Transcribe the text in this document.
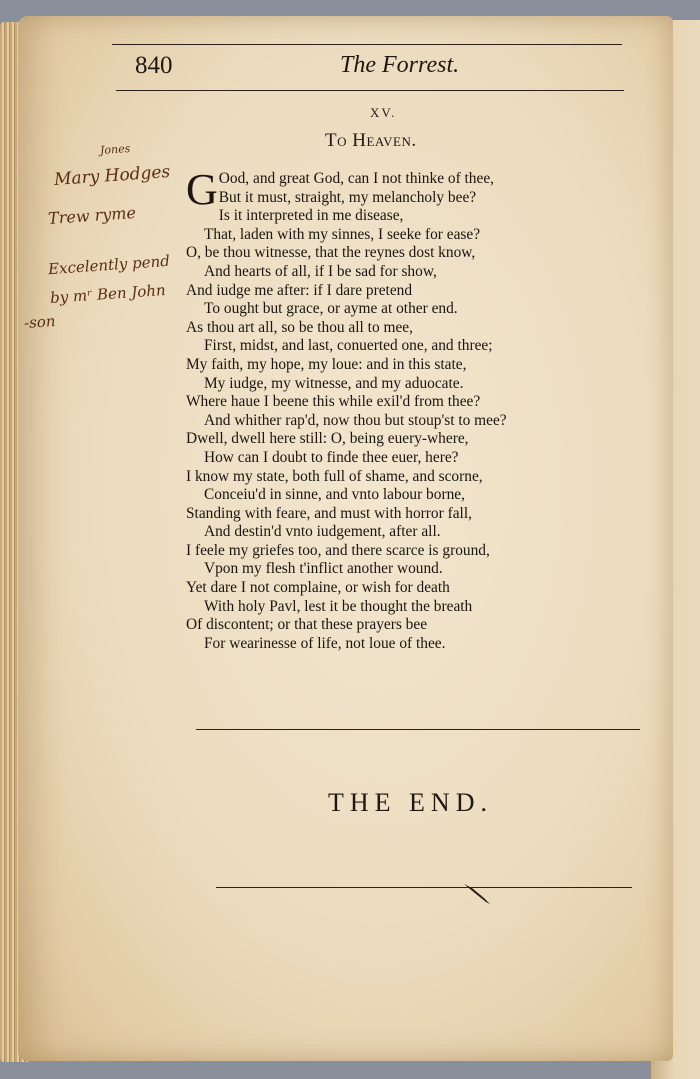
840	The Forrest.
XV.
To Heaven.
G Ood, and great God, can I not thinke of thee,
But it must, straight, my melancholy bee?
Is it interpreted in me disease,
That, laden with my sinnes, I seeke for ease?
O, be thou witnesse, that the reynes dost know,
And hearts of all, if I be sad for show,
And iudge me after: if I dare pretend
To ought but grace, or ayme at other end.
As thou art all, so be thou all to mee,
First, midst, and last, conuerted one, and three;
My faith, my hope, my loue: and in this state,
My iudge, my witnesse, and my aduocate.
Where haue I beene this while exil'd from thee?
And whither rap'd, now thou but stoup'st to mee?
Dwell, dwell here still: O, being euery-where,
How can I doubt to finde thee euer, here?
I know my state, both full of shame, and scorne,
Conceiu'd in sinne, and vnto labour borne,
Standing with feare, and must with horror fall,
And destin'd vnto iudgement, after all.
I feele my griefes too, and there scarce is ground,
Vpon my flesh t'inflict another wound.
Yet dare I not complaine, or wish for death
With holy Pavl, lest it be thought the breath
Of discontent; or that these prayers bee
For wearinesse of life, not loue of thee.
Jones
Mary Hodges
Trew ryme
Excelently pend
by mʳ Ben John
-son
THE END.
